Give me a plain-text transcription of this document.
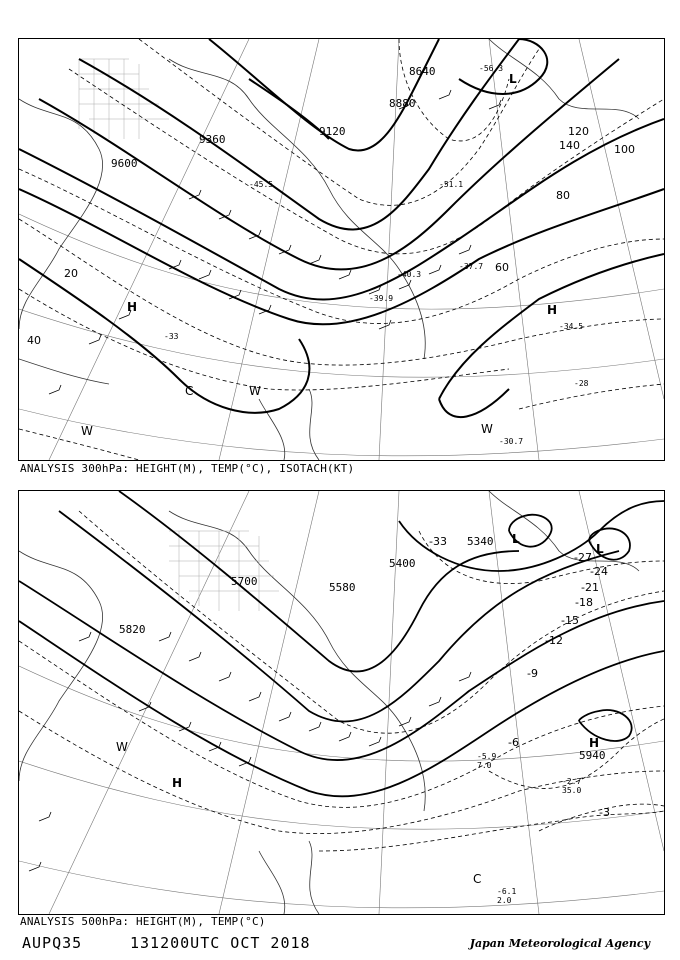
9600
9360
9120
8880
8640
20
40
60
80
100
120
140
-28
-30.7
-33
-34.5
-37.7
-39.9
-40.3
-45.5	-51.1
-56.3
H	H
L
C	W
W	W
ANALYSIS 300hPa: HEIGHT(M), TEMP(°C), ISOTACH(KT)
5940
5820
5700	5580
5400
5340
-3
-6
-9
-12
-15
-18
-21
-24
-27
-33
-2.7
35.0
-6.1
2.0
-5.9
7.0
H
H
L
L
C
W
ANALYSIS 500hPa: HEIGHT(M), TEMP(°C)
AUPQ35	131200UTC OCT 2018	Japan Meteorological Agency
